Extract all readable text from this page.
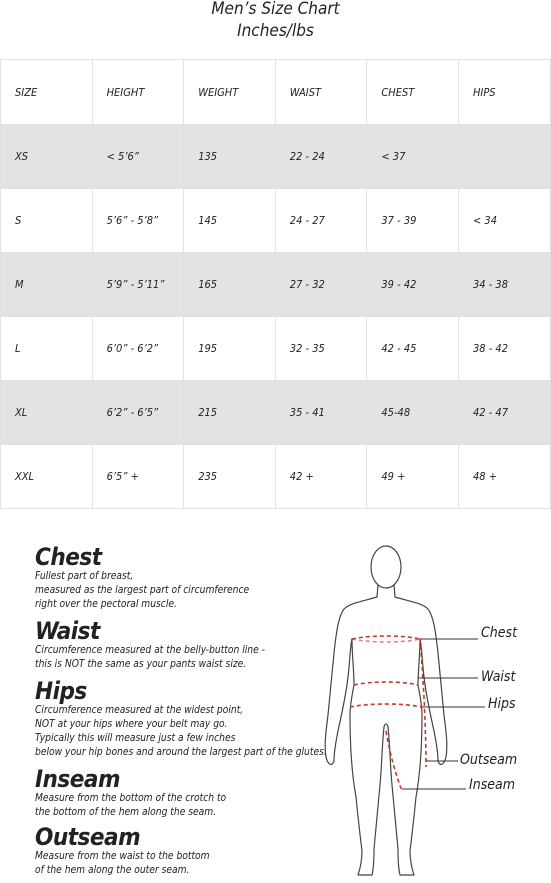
Men’s Size Chart
Inches/lbs
SIZE	HEIGHT	WEIGHT	WAIST	CHEST	HIPS
XS	< 5’6”	135	22 - 24	< 37	
S	5’6” - 5’8”	145	24 - 27	37 - 39	< 34
M	5’9” - 5’11”	165	27 - 32	39 - 42	34 - 38
L	6’0” - 6’2”	195	32 - 35	42 - 45	38 - 42
XL	6’2” - 6’5”	215	35 - 41	45-48	42 - 47
XXL	6’5” +	235	42 +	49 +	48 +
Chest

Fullest part of breast,
measured as the largest part of circumference
right over the pectoral muscle.

Waist

Circumference measured at the belly-button line -
this is NOT the same as your pants waist size.

Hips

Circumference measured at the widest point,
NOT at your hips where your belt may go.
Typically this will measure just a few inches
below your hip bones and around the largest part of the glutes.

Inseam

Measure from the bottom of the crotch to
the bottom of the hem along the seam.

Outseam

Measure from the waist to the bottom
of the hem along the outer seam.

Chest
Waist
Hips
Outseam
Inseam
